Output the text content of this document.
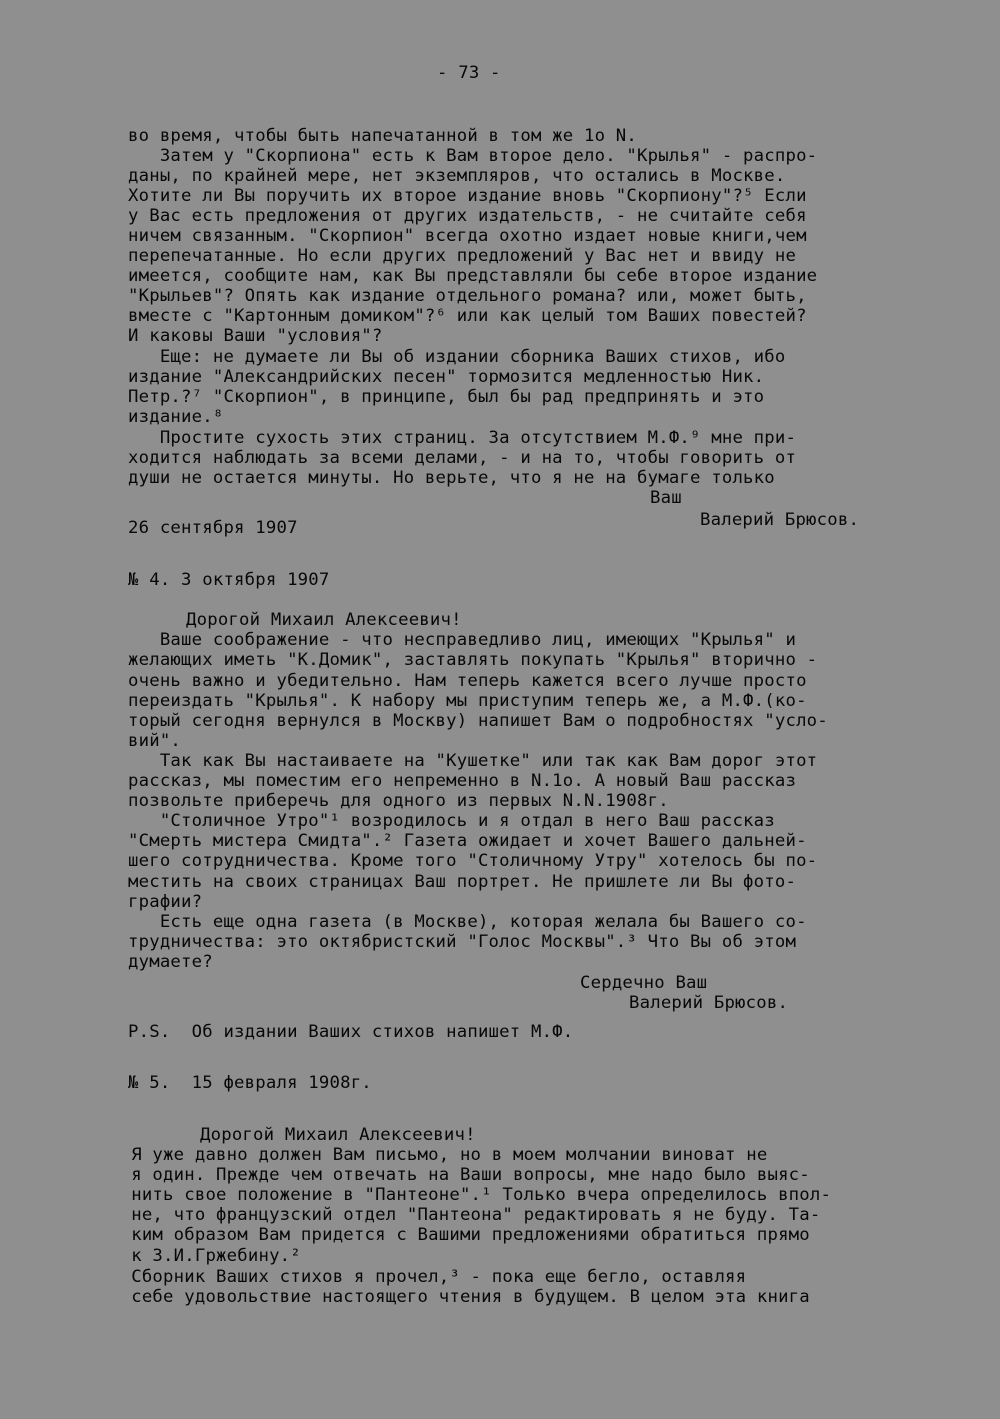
- 73 -
во время, чтобы быть напечатанной в том же 1о N.
Затем у "Скорпиона" есть к Вам второе дело. "Крылья" - распро-
даны, по крайней мере, нет экземпляров, что остались в Москве.
Хотите ли Вы поручить их второе издание вновь "Скорпиону"?⁵ Если
у Вас есть предложения от других издательств, - не считайте себя
ничем связанным. "Скорпион" всегда охотно издает новые книги,чем
перепечатанные. Но если других предложений у Вас нет и ввиду не
имеется, сообщите нам, как Вы представляли бы себе второе издание
"Крыльев"? Опять как издание отдельного романа? или, может быть,
вместе с "Картонным домиком"?⁶ или как целый том Ваших повестей?
И каковы Ваши "условия"?
Еще: не думаете ли Вы об издании сборника Ваших стихов, ибо
издание "Александрийских песен" тормозится медленностью Ник.
Петр.?⁷ "Скорпион", в принципе, был бы рад предпринять и это
издание.⁸
Простите сухость этих страниц. За отсутствием М.Ф.⁹ мне при-
ходится наблюдать за всеми делами, - и на то, чтобы говорить от
души не остается минуты. Но верьте, что я не на бумаге только
Ваш
Валерий Брюсов.
26 сентября 1907
№ 4. 3 октября 1907
Дорогой Михаил Алексеевич!
Ваше соображение - что несправедливо лиц, имеющих "Крылья" и
желающих иметь "К.Домик", заставлять покупать "Крылья" вторично -
очень важно и убедительно. Нам теперь кажется всего лучше просто
переиздать "Крылья". К набору мы приступим теперь же, а М.Ф.(ко-
торый сегодня вернулся в Москву) напишет Вам о подробностях "усло-
вий".
Так как Вы настаиваете на "Кушетке" или так как Вам дорог этот
рассказ, мы поместим его непременно в N.1о. А новый Ваш рассказ
позвольте приберечь для одного из первых N.N.1908г.
"Столичное Утро"¹ возродилось и я отдал в него Ваш рассказ
"Смерть мистера Смидта".² Газета ожидает и хочет Вашего дальней-
шего сотрудничества. Кроме того "Столичному Утру" хотелось бы по-
местить на своих страницах Ваш портрет. Не пришлете ли Вы фото-
графии?
Есть еще одна газета (в Москве), которая желала бы Вашего со-
трудничества: это октябристский "Голос Москвы".³ Что Вы об этом
думаете?
Сердечно Ваш
Валерий Брюсов.
P.S.  Об издании Ваших стихов напишет М.Ф.
№ 5.  15 февраля 1908г.
Дорогой Михаил Алексеевич!
Я уже давно должен Вам письмо, но в моем молчании виноват не
я один. Прежде чем отвечать на Ваши вопросы, мне надо было выяс-
нить свое положение в "Пантеоне".¹ Только вчера определилось впол-
не, что французский отдел "Пантеона" редактировать я не буду. Та-
ким образом Вам придется с Вашими предложениями обратиться прямо
к З.И.Гржебину.²
Сборник Ваших стихов я прочел,³ - пока еще бегло, оставляя
себе удовольствие настоящего чтения в будущем. В целом эта книга
